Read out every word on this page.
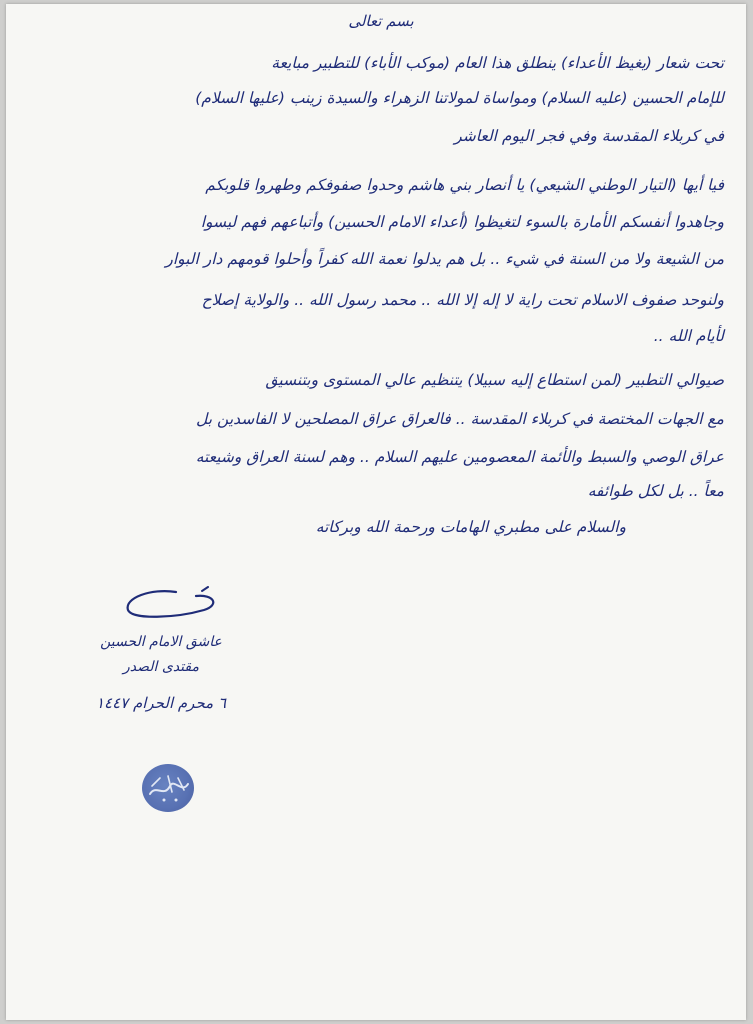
بسم تعالى
تحت شعار (يغيظ الأعداء) ينطلق هذا العام (موكب الأباء) للتطبير مبايعة
للإمام الحسين (عليه السلام) ومواساة لمولاتنا الزهراء والسيدة زينب (عليها السلام)
في كربلاء المقدسة وفي فجر اليوم العاشر
فيا أيها (التيار الوطني الشيعي) يا أنصار بني هاشم وحدوا صفوفكم وطهروا قلوبكم
وجاهدوا أنفسكم الأمارة بالسوء لتغيظوا (أعداء الامام الحسين) وأتباعهم فهم ليسوا
من الشيعة ولا من السنة في شيء .. بل هم يدلوا نعمة الله كفراً وأحلوا قومهم دار البوار
ولنوحد صفوف الاسلام تحت راية لا إله إلا الله .. محمد رسول الله .. والولاية إصلاح
لأيام الله ..
صيوالي التطبير (لمن استطاع إليه سبيلا) يتنظيم عالي المستوى وبتنسيق
مع الجهات المختصة في كربلاء المقدسة .. فالعراق عراق المصلحين لا الفاسدين بل
عراق الوصي والسبط والأئمة المعصومين عليهم السلام .. وهم لسنة العراق وشيعته
معاً .. بل لكل طوائفه
والسلام على مطبري الهامات ورحمة الله وبركاته
عاشق الامام الحسين
مقتدى الصدر
٦ محرم الحرام ١٤٤٧
